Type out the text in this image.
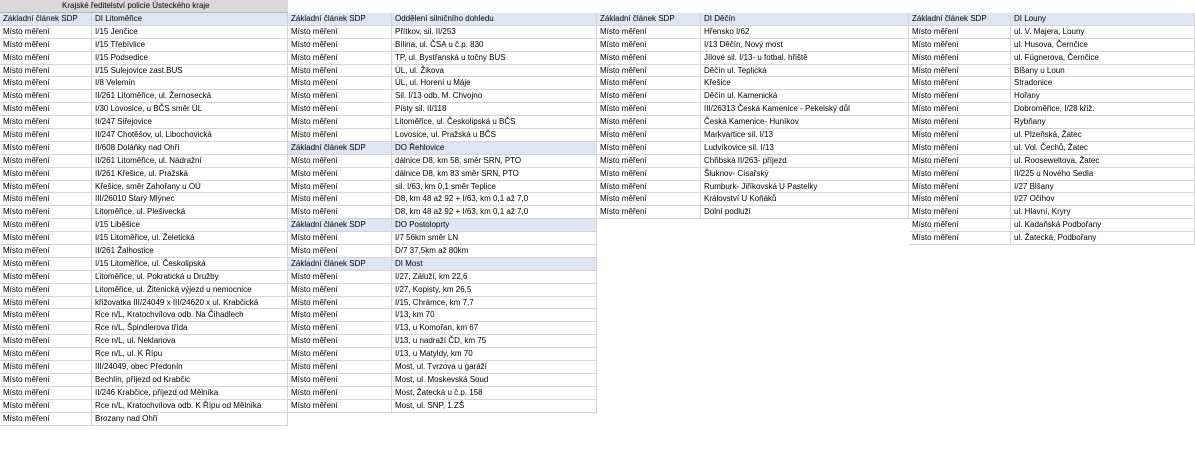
Krajské ředitelství policie Ústeckého kraje
Základní článek SDP	DI Litoměřice
Místo měření	I/15 Jenčice
Místo měření	I/15 Třebívlice
Místo měření	I/15 Podsedice
Místo měření	I/15 Sulejovice zast.BUS
Místo měření	I/8 Velemín
Místo měření	II/261 Litoměřice, ul. Žernosecká
Místo měření	I/30 Lovosice, u BČS směr ÚL
Místo měření	II/247 Siřejovice
Místo měření	II/247 Chotěšov, ul. Libochovická
Místo měření	II/608 Doláňky nad Ohří
Místo měření	II/261 Litoměřice, ul. Nádražní
Místo měření	II/261 Křešice, ul. Pražská
Místo měření	Křešice, směr Zahořany u OÚ
Místo měření	III/26010 Starý Mlýnec
Místo měření	Litoměřice, ul. Plešivecká
Místo měření	I/15 Liběšice
Místo měření	I/15 Litoměřice, ul. Želetická
Místo měření	II/261 Žalhostice
Místo měření	I/15 Litoměřice, ul. Českolipská
Místo měření	Litoměřice, ul. Pokratická u Družby
Místo měření	Litoměřice, ul. Žitenická výjezd u nemocnice
Místo měření	křižovatka III/24049 x III/24620 x ul. Krabčická
Místo měření	Rce n/L, Kratochvílova odb. Na Čihadlech
Místo měření	Rce n/L, Špindlerova třída
Místo měření	Rce n/L, ul. Neklanova
Místo měření	Rce n/L, ul. K Řípu
Místo měření	III/24049, obec Předonín
Místo měření	Bechlín, příjezd od Krabčic
Místo měření	II/246 Krabčice, příjezd od Mělníka
Místo měření	Rce n/L, Kratochvílova odb. K Řípu od Mělníka
Místo měření	Brozany nad Ohří
Základní článek SDP	Oddělení silničního dohledu
Místo měření	Přítkov, sil. II/253
Místo měření	Bílina, ul. ČSA u č.p. 830
Místo měření	TP, ul. Bystřanská u točny BUS
Místo měření	ÚL, ul. Žikova
Místo měření	ÚL, ul. Horení u Máje
Místo měření	Sil. I/13 odb. M. Chvojno
Místo měření	Písty sil. II/118
Místo měření	Litoměřice, ul. Českolipská u BČS
Místo měření	Lovosice, ul. Pražská u BČS
Základní článek SDP	DO Řehlovice
Místo měření	dálnice D8, km 58, směr SRN, PTO
Místo měření	dálnice D8, km 83 směr SRN, PTO
Místo měření	sil. I/63, km 0,1 směr Teplice
Místo měření	D8, km 48 až 92 + I/63, km 0,1 až 7,0
Místo měření	D8, km 48 až 92 + I/63, km 0,1 až 7,0
Základní článek SDP	DO Postoloprty
Místo měření	I/7 56km směr LN
Místo měření	D/7 37,5km až 80km
Základní článek SDP	DI Most
Místo měření	I/27, Záluží, km 22,6
Místo měření	I/27, Kopisty, km 26,5
Místo měření	I/15, Chrámce, km 7,7
Místo měření	I/13, km 70
Místo měření	I/13, u Komořan, km 67
Místo měření	I/13, u nadraží ČD, km 75
Místo měření	I/13, u Matyldy, km 70
Místo měření	Most, ul. Tvrzova u garáží
Místo měření	Most, ul. Moskevská Soud
Místo měření	Most, Žatecká u č.p. 158
Místo měření	Most, ul. SNP, 1.ZŠ
Základní článek SDP	DI Děčín
Místo měření	Hřensko I/62
Místo měření	I/13 Děčín, Nový most
Místo měření	Jílové sil. I/13- u fotbal. hřiště
Místo měření	Děčín ul. Teplická
Místo měření	Křešice
Místo měření	Děčín ul. Kamenická
Místo měření	III/26313 Česká Kamenice - Pekelský důl
Místo měření	Česká Kamenice- Huníkov
Místo měření	Markvartice sil. I/13
Místo měření	Ludvíkovice sil. I/13
Místo měření	Chřibská II/263- příjezd
Místo měření	Šluknov- Císařský
Místo měření	Rumburk- Jiříkovská U Pastelky
Místo měření	Království U Koňáků
Místo měření	Dolní podluží
Základní článek SDP	DI Louny
Místo měření	ul. V. Majera, Louny
Místo měření	ul. Husova, Černčice
Místo měření	ul. Fügnerova, Černčice
Místo měření	Blšany u Loun
Místo měření	Stradonice
Místo měření	Hořany
Místo měření	Dobroměřice, I/28 křiž.
Místo měření	Rybňany
Místo měření	ul. Plzeňská, Žatec
Místo měření	ul. Vol. Čechů, Žatec
Místo měření	ul. Rooseweltova, Žatec
Místo měření	II/225 u Nového Sedla
Místo měření	I/27 Blšany
Místo měření	I/27 Očihov
Místo měření	ul. Hlavní, Kryry
Místo měření	ul. Kadaňská Podbořany
Místo měření	ul. Žatecká, Podbořany
